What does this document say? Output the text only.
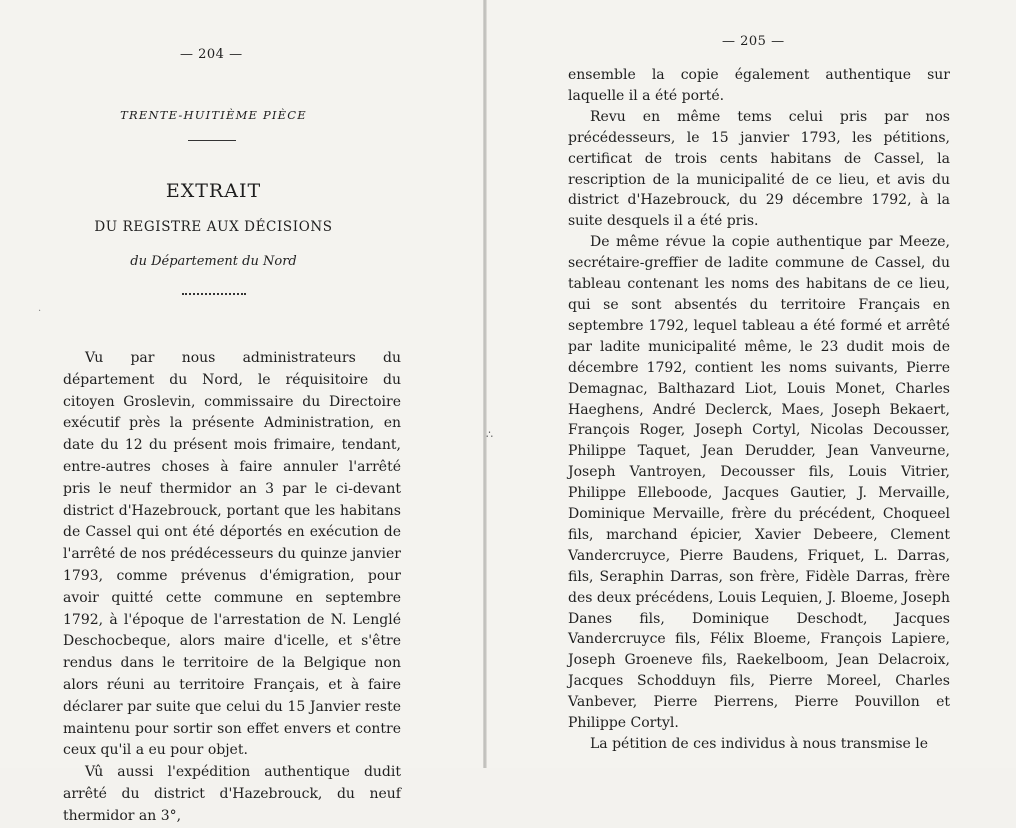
— 204 —
TRENTE-HUITIÈME PIÈCE
EXTRAIT
DU REGISTRE AUX DÉCISIONS
du Département du Nord
·

Vu par nous administrateurs du département du Nord, le réquisitoire du citoyen Groslevin, commissaire du Directoire exécutif près la présente Administration, en date du 12 du présent mois frimaire, tendant, entre-autres choses à faire annuler l'arrêté pris le neuf thermidor an 3 par le ci-devant district d'Hazebrouck, portant que les habitans de Cassel qui ont été déportés en exécution de l'arrêté de nos prédécesseurs du quinze janvier 1793, comme prévenus d'émigration, pour avoir quitté cette commune en septembre 1792, à l'époque de l'arrestation de N. Lenglé Deschocbeque, alors maire d'icelle, et s'être rendus dans le territoire de la Belgique non alors réuni au territoire Français, et à faire déclarer par suite que celui du 15 Janvier reste maintenu pour sortir son effet envers et contre ceux qu'il a eu pour objet.

Vû aussi l'expédition authentique dudit arrêté du district d'Hazebrouck, du neuf thermidor an 3°,

∴
— 205 —

ensemble la copie également authentique sur laquelle il a été porté.

Revu en même tems celui pris par nos précédesseurs, le 15 janvier 1793, les pétitions, certificat de trois cents habitans de Cassel, la rescription de la municipalité de ce lieu, et avis du district d'Hazebrouck, du 29 décembre 1792, à la suite desquels il a été pris.

De même révue la copie authentique par Meeze, secrétaire-greffier de ladite commune de Cassel, du tableau contenant les noms des habitans de ce lieu, qui se sont absentés du territoire Français en septembre 1792, lequel tableau a été formé et arrêté par ladite municipalité même, le 23 dudit mois de décembre 1792, contient les noms suivants, Pierre Demagnac, Balthazard Liot, Louis Monet, Charles Haeghens, André Declerck, Maes, Joseph Bekaert, François Roger, Joseph Cortyl, Nicolas Decousser, Philippe Taquet, Jean Derudder, Jean Vanveurne, Joseph Vantroyen, Decousser fils, Louis Vitrier, Philippe Elleboode, Jacques Gautier, J. Mervaille, Dominique Mervaille, frère du précédent, Choqueel fils, marchand épicier, Xavier Debeere, Clement Vandercruyce, Pierre Baudens, Friquet, L. Darras, fils, Seraphin Darras, son frère, Fidèle Darras, frère des deux précédens, Louis Lequien, J. Bloeme, Joseph Danes fils, Dominique Deschodt, Jacques Vandercruyce fils, Félix Bloeme, François Lapiere, Joseph Groeneve fils, Raekelboom, Jean Delacroix, Jacques Schodduyn fils, Pierre Moreel, Charles Vanbever, Pierre Pierrens, Pierre Pouvillon et Philippe Cortyl.

La pétition de ces individus à nous transmise le
